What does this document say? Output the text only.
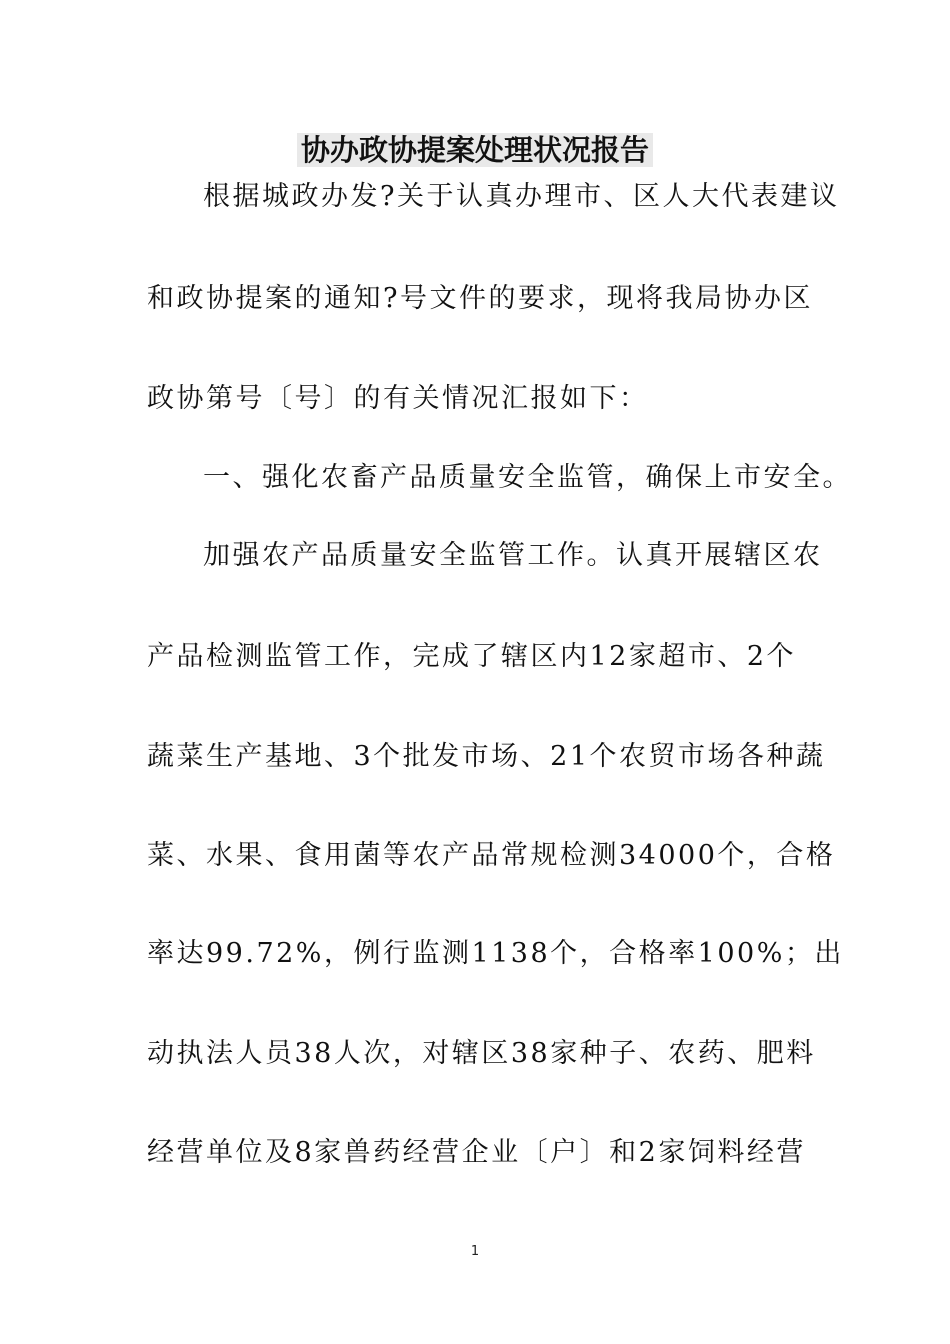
协办政协提案处理状况报告
根据城政办发?关于认真办理市、区人大代表建议
和政协提案的通知?号文件的要求，现将我局协办区
政协第号〔号〕的有关情况汇报如下：
一、强化农畜产品质量安全监管，确保上市安全。
加强农产品质量安全监管工作。认真开展辖区农
产品检测监管工作，完成了辖区内12家超市、2个
蔬菜生产基地、3个批发市场、21个农贸市场各种蔬
菜、水果、食用菌等农产品常规检测34000个，合格
率达99.72%，例行监测1138个，合格率100%；出
动执法人员38人次，对辖区38家种子、农药、肥料
经营单位及8家兽药经营企业〔户〕和2家饲料经营
1
